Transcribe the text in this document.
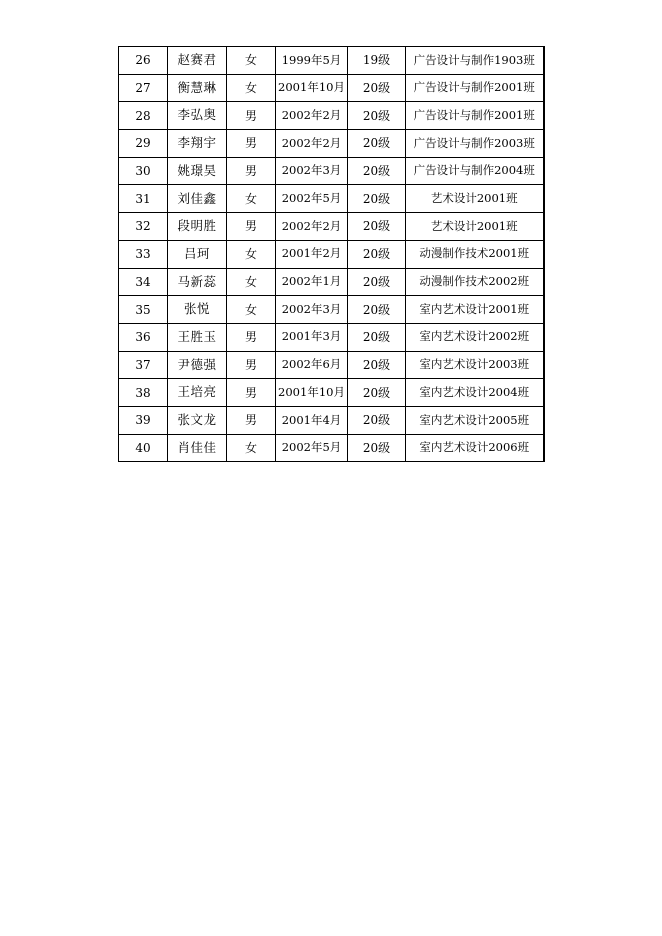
26	赵赛君	女	1999年5月	19级	广告设计与制作1903班
27	衡慧琳	女	2001年10月	20级	广告设计与制作2001班
28	李弘奥	男	2002年2月	20级	广告设计与制作2001班
29	李翔宇	男	2002年2月	20级	广告设计与制作2003班
30	姚璟昊	男	2002年3月	20级	广告设计与制作2004班
31	刘佳鑫	女	2002年5月	20级	艺术设计2001班
32	段明胜	男	2002年2月	20级	艺术设计2001班
33	吕珂	女	2001年2月	20级	动漫制作技术2001班
34	马新蕊	女	2002年1月	20级	动漫制作技术2002班
35	张悦	女	2002年3月	20级	室内艺术设计2001班
36	王胜玉	男	2001年3月	20级	室内艺术设计2002班
37	尹德强	男	2002年6月	20级	室内艺术设计2003班
38	王培亮	男	2001年10月	20级	室内艺术设计2004班
39	张文龙	男	2001年4月	20级	室内艺术设计2005班
40	肖佳佳	女	2002年5月	20级	室内艺术设计2006班
